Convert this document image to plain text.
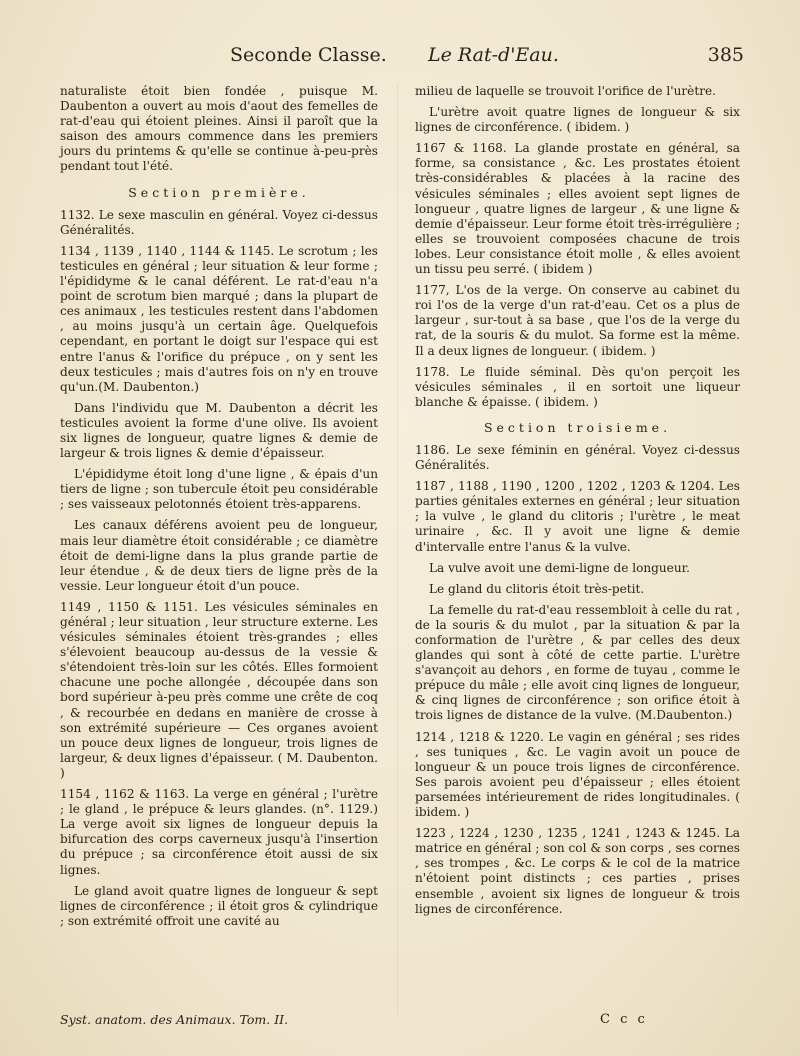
Seconde Classe. Le Rat-d'Eau.	385

naturaliste étoit bien fondée , puisque M. Daubenton a ouvert au mois d'aout des femelles de rat-d'eau qui étoient pleines. Ainsi il paroît que la saison des amours commence dans les premiers jours du printems & qu'elle se continue à-peu-près pendant tout l'été.

Section première.

1132. Le sexe masculin en général. Voyez ci-dessus Généralités.

1134 , 1139 , 1140 , 1144 & 1145. Le scrotum ; les testicules en général ; leur situation & leur forme ; l'épididyme & le canal déférent. Le rat-d'eau n'a point de scrotum bien marqué ; dans la plupart de ces animaux , les testicules restent dans l'abdomen , au moins jusqu'à un certain âge. Quelquefois cependant, en portant le doigt sur l'espace qui est entre l'anus & l'orifice du prépuce , on y sent les deux testicules ; mais d'autres fois on n'y en trouve qu'un.(M. Daubenton.)

Dans l'individu que M. Daubenton a décrit les testicules avoient la forme d'une olive. Ils avoient six lignes de longueur, quatre lignes & demie de largeur & trois lignes & demie d'épaisseur.

L'épididyme étoit long d'une ligne , & épais d'un tiers de ligne ; son tubercule étoit peu considérable ; ses vaisseaux pelotonnés étoient très-apparens.

Les canaux déférens avoient peu de longueur, mais leur diamètre étoit considérable ; ce diamètre étoit de demi-ligne dans la plus grande partie de leur étendue , & de deux tiers de ligne près de la vessie. Leur longueur étoit d'un pouce.

1149 , 1150 & 1151. Les vésicules séminales en général ; leur situation , leur structure externe. Les vésicules séminales étoient très-grandes ; elles s'élevoient beaucoup au-dessus de la vessie & s'étendoient très-loin sur les côtés. Elles formoient chacune une poche allongée , découpée dans son bord supérieur à-peu près comme une crête de coq , & recourbée en dedans en manière de crosse à son extrémité supérieure — Ces organes avoient un pouce deux lignes de longueur, trois lignes de largeur, & deux lignes d'épaisseur. ( M. Daubenton. )

1154 , 1162 & 1163. La verge en général ; l'urètre ; le gland , le prépuce & leurs glandes. (n°. 1129.) La verge avoit six lignes de longueur depuis la bifurcation des corps caverneux jusqu'à l'insertion du prépuce ; sa circonférence étoit aussi de six lignes.

Le gland avoit quatre lignes de longueur & sept lignes de circonférence ; il étoit gros & cylindrique ; son extrémité offroit une cavité au

milieu de laquelle se trouvoit l'orifice de l'urètre.

L'urètre avoit quatre lignes de longueur & six lignes de circonférence. ( ibidem. )

1167 & 1168. La glande prostate en général, sa forme, sa consistance , &c. Les prostates étoient très-considérables & placées à la racine des vésicules séminales ; elles avoient sept lignes de longueur , quatre lignes de largeur , & une ligne & demie d'épaisseur. Leur forme étoit très-irrégulière ; elles se trouvoient composées chacune de trois lobes. Leur consistance étoit molle , & elles avoient un tissu peu serré. ( ibidem )

1177, L'os de la verge. On conserve au cabinet du roi l'os de la verge d'un rat-d'eau. Cet os a plus de largeur , sur-tout à sa base , que l'os de la verge du rat, de la souris & du mulot. Sa forme est la même. Il a deux lignes de longueur. ( ibidem. )

1178. Le fluide séminal. Dès qu'on perçoit les vésicules séminales , il en sortoit une liqueur blanche & épaisse. ( ibidem. )

Section troisieme.

1186. Le sexe féminin en général. Voyez ci-dessus Généralités.

1187 , 1188 , 1190 , 1200 , 1202 , 1203 & 1204. Les parties génitales externes en général ; leur situation ; la vulve , le gland du clitoris ; l'urètre , le meat urinaire , &c. Il y avoit une ligne & demie d'intervalle entre l'anus & la vulve.

La vulve avoit une demi-ligne de longueur.

Le gland du clitoris étoit très-petit.

La femelle du rat-d'eau ressembloit à celle du rat , de la souris & du mulot , par la situation & par la conformation de l'urètre , & par celles des deux glandes qui sont à côté de cette partie. L'urètre s'avançoit au dehors , en forme de tuyau , comme le prépuce du mâle ; elle avoit cinq lignes de longueur, & cinq lignes de circonférence ; son orifice étoit à trois lignes de distance de la vulve. (M.Daubenton.)

1214 , 1218 & 1220. Le vagin en général ; ses rides , ses tuniques , &c. Le vagin avoit un pouce de longueur & un pouce trois lignes de circonférence. Ses parois avoient peu d'épaisseur ; elles étoient parsemées intérieurement de rides longitudinales. ( ibidem. )

1223 , 1224 , 1230 , 1235 , 1241 , 1243 & 1245. La matrice en général ; son col & son corps , ses cornes , ses trompes , &c. Le corps & le col de la matrice n'étoient point distincts ; ces parties , prises ensemble , avoient six lignes de longueur & trois lignes de circonférence.

Syst. anatom. des Animaux. Tom. II.	C c c
